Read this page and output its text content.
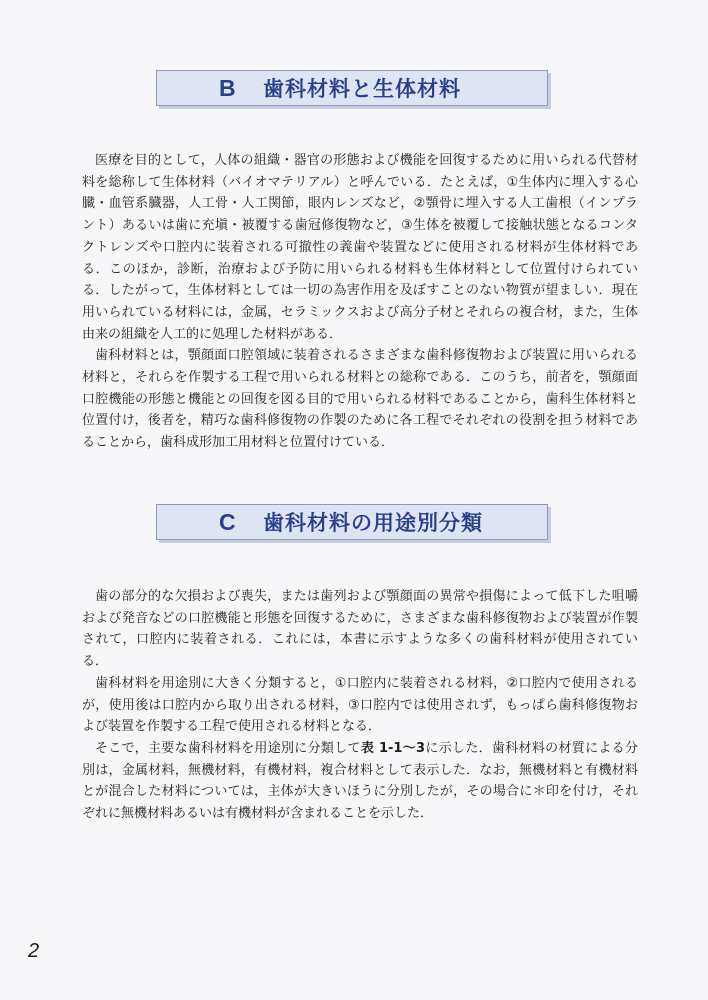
B	歯科材料と生体材料

医療を目的として，人体の組織・器官の形態および機能を回復するために用いられる代替材料を総称して生体材料（バイオマテリアル）と呼んでいる．たとえば，①生体内に埋入する心臓・血管系臓器，人工骨・人工関節，眼内レンズなど，②顎骨に埋入する人工歯根（インプラント）あるいは歯に充塡・被覆する歯冠修復物など，③生体を被覆して接触状態となるコンタクトレンズや口腔内に装着される可撤性の義歯や装置などに使用される材料が生体材料である．このほか，診断，治療および予防に用いられる材料も生体材料として位置付けられている．したがって，生体材料としては一切の為害作用を及ぼすことのない物質が望ましい．現在用いられている材料には，金属，セラミックスおよび高分子材とそれらの複合材，また，生体由来の組織を人工的に処理した材料がある．

歯科材料とは，顎顔面口腔領域に装着されるさまざまな歯科修復物および装置に用いられる材料と，それらを作製する工程で用いられる材料との総称である．このうち，前者を，顎顔面口腔機能の形態と機能との回復を図る目的で用いられる材料であることから，歯科生体材料と位置付け，後者を，精巧な歯科修復物の作製のために各工程でそれぞれの役割を担う材料であることから，歯科成形加工用材料と位置付けている．

C	歯科材料の用途別分類

歯の部分的な欠損および喪失，または歯列および顎顔面の異常や損傷によって低下した咀嚼および発音などの口腔機能と形態を回復するために，さまざまな歯科修復物および装置が作製されて，口腔内に装着される．これには，本書に示すような多くの歯科材料が使用されている．

歯科材料を用途別に大きく分類すると，①口腔内に装着される材料，②口腔内で使用されるが，使用後は口腔内から取り出される材料，③口腔内では使用されず，もっぱら歯科修復物および装置を作製する工程で使用される材料となる．

そこで，主要な歯科材料を用途別に分類して表 1-1〜3に示した．歯科材料の材質による分別は，金属材料，無機材料，有機材料，複合材料として表示した．なお，無機材料と有機材料とが混合した材料については，主体が大きいほうに分別したが，その場合に＊印を付け，それぞれに無機材料あるいは有機材料が含まれることを示した．

2
